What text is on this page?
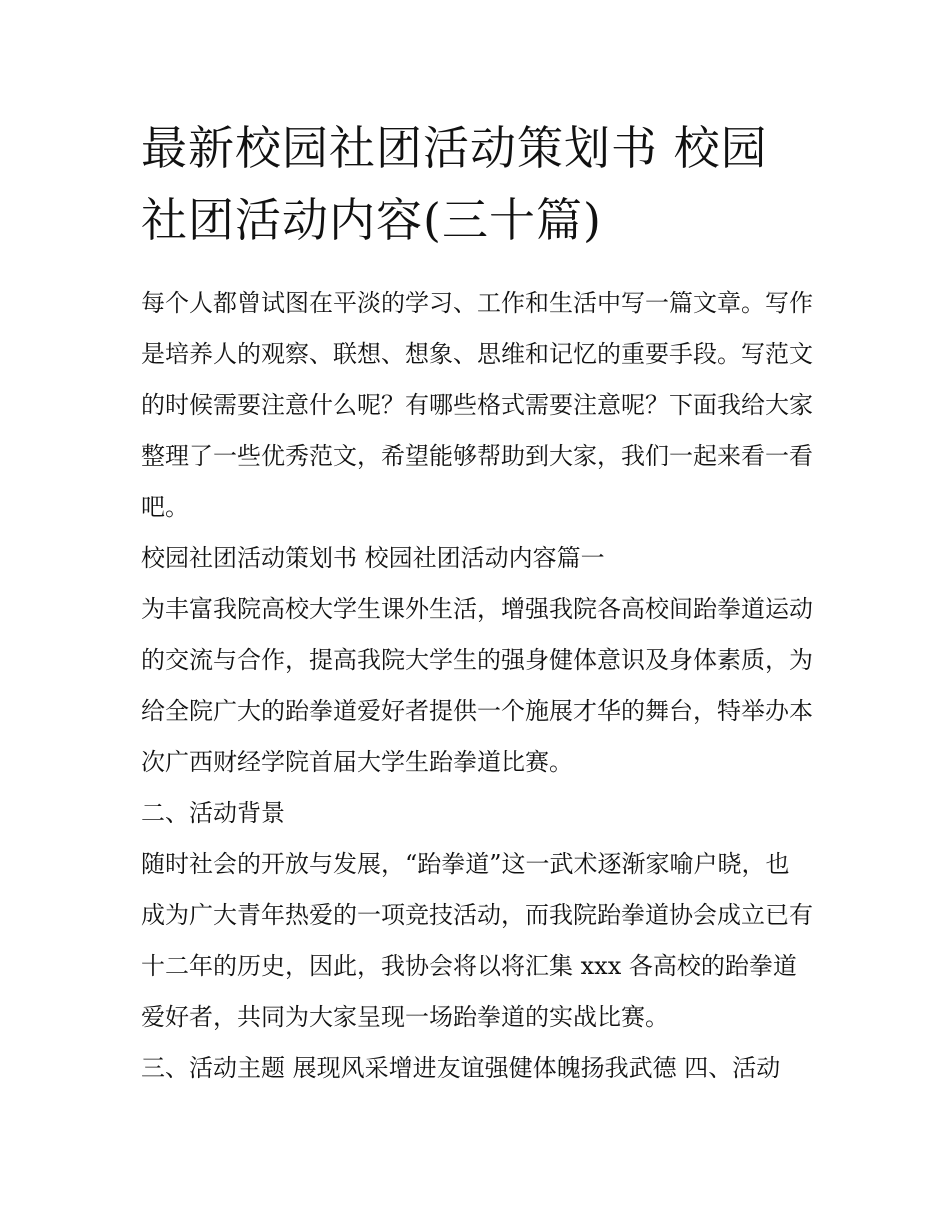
最新校园社团活动策划书 校园社团活动内容(三十篇)

每个人都曾试图在平淡的学习、工作和生活中写一篇文章。写作是培养人的观察、联想、想象、思维和记忆的重要手段。写范文的时候需要注意什么呢？有哪些格式需要注意呢？下面我给大家整理了一些优秀范文，希望能够帮助到大家，我们一起来看一看吧。

校园社团活动策划书 校园社团活动内容篇一

为丰富我院高校大学生课外生活，增强我院各高校间跆拳道运动的交流与合作，提高我院大学生的强身健体意识及身体素质，为给全院广大的跆拳道爱好者提供一个施展才华的舞台，特举办本次广西财经学院首届大学生跆拳道比赛。

二、活动背景

随时社会的开放与发展，“跆拳道”这一武术逐渐家喻户晓，也成为广大青年热爱的一项竞技活动，而我院跆拳道协会成立已有十二年的历史，因此，我协会将以将汇集 xxx 各高校的跆拳道爱好者，共同为大家呈现一场跆拳道的实战比赛。

三、活动主题 展现风采增进友谊强健体魄扬我武德 四、活动
